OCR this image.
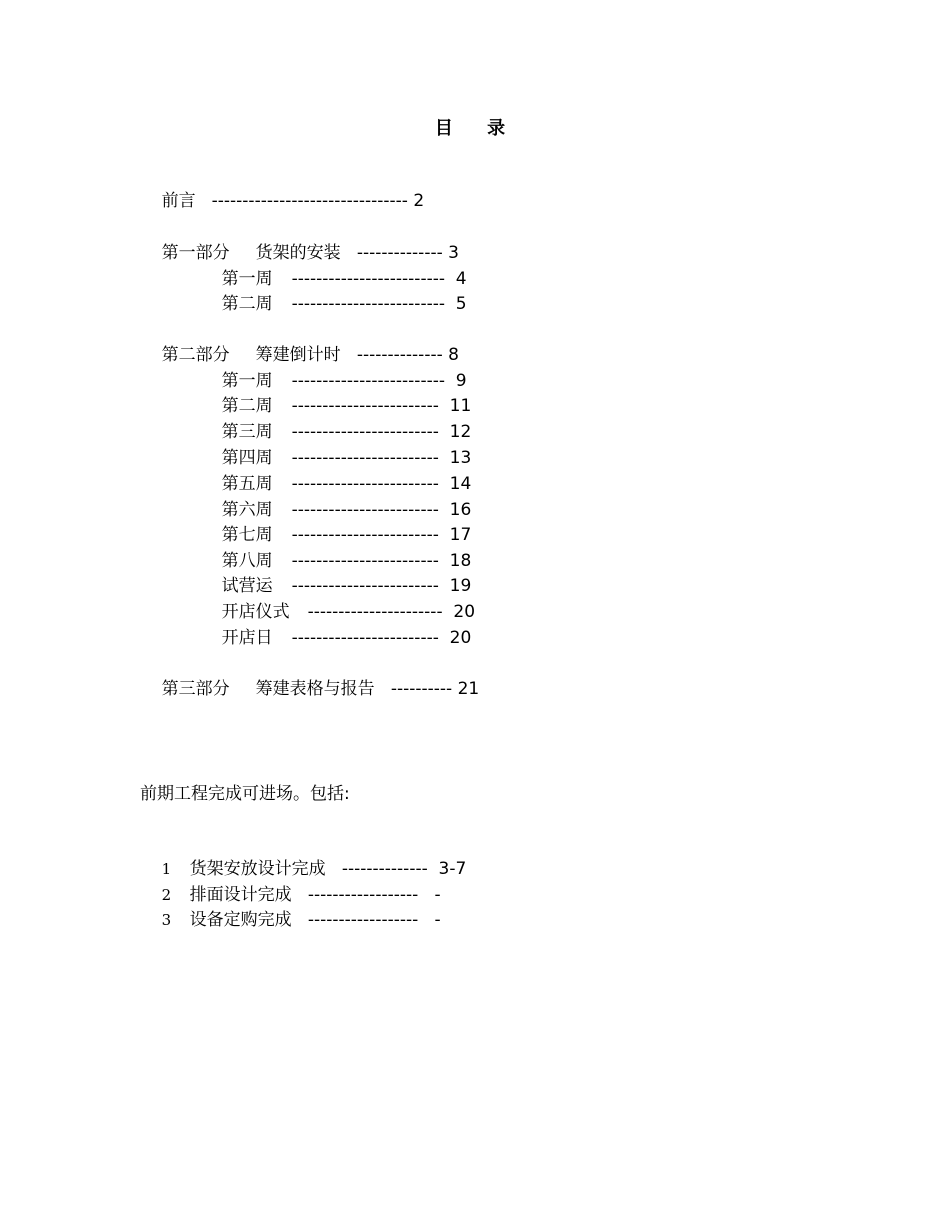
目 录

前言 -------------------------------- 2

第一部分 货架的安装 -------------- 3

第一周 ------------------------- 4

第二周 ------------------------- 5

第二部分 筹建倒计时 -------------- 8

第一周 ------------------------- 9

第二周 ------------------------ 11

第三周 ------------------------ 12

第四周 ------------------------ 13

第五周 ------------------------ 14

第六周 ------------------------ 16

第七周 ------------------------ 17

第八周 ------------------------ 18

试营运 ------------------------ 19

开店仪式 ---------------------- 20

开店日 ------------------------ 20

第三部分 筹建表格与报告 ---------- 21

前期工程完成可进场。包括:

1 货架安放设计完成 -------------- 3-7

2 排面设计完成 ------------------ -

3 设备定购完成 ------------------ -
